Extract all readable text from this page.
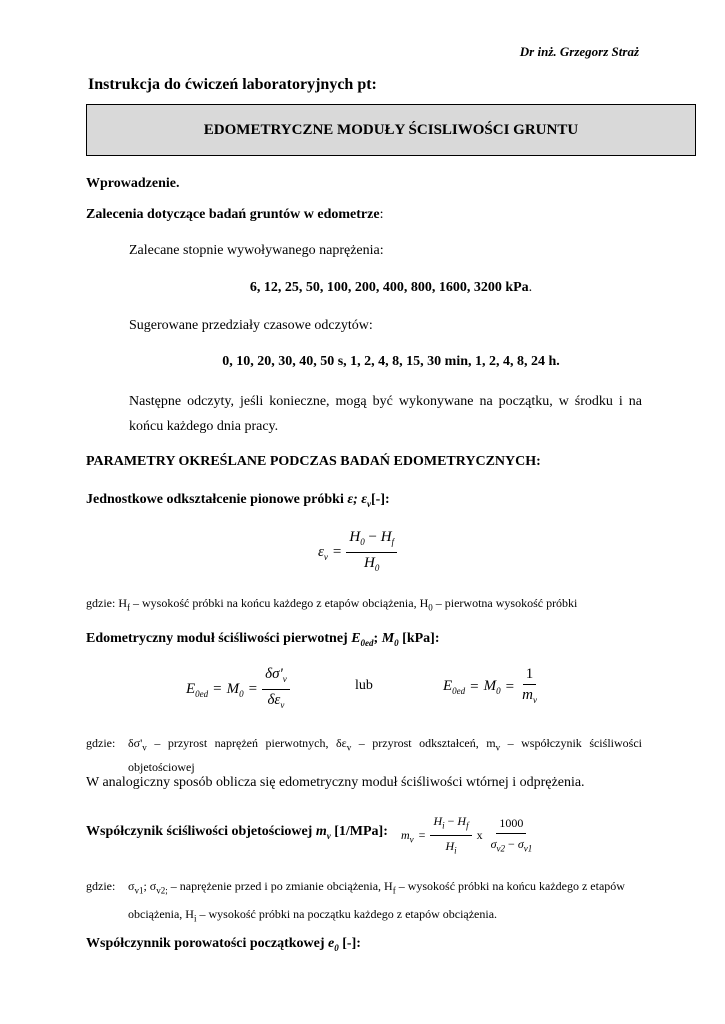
Dr inż. Grzegorz Straż
Instrukcja do ćwiczeń laboratoryjnych pt:
EDOMETRYCZNE MODUŁY ŚCISLIWOŚCI GRUNTU
Wprowadzenie.
Zalecenia dotyczące badań gruntów w edometrze:
Zalecane stopnie wywoływanego naprężenia:
6, 12, 25, 50, 100, 200, 400, 800, 1600, 3200 kPa.
Sugerowane przedziały czasowe odczytów:
0, 10, 20, 30, 40, 50 s, 1, 2, 4, 8, 15, 30 min, 1, 2, 4, 8, 24 h.
Następne odczyty, jeśli konieczne, mogą być wykonywane na początku, w środku i na końcu każdego dnia pracy.
PARAMETRY OKREŚLANE PODCZAS BADAŃ EDOMETRYCZNYCH:
Jednostkowe odkształcenie pionowe próbki ε; $\varepsilon_v[-]$:
$\varepsilon_v = \frac{H_0 - H_f}{H_0}$
gdzie: $H_f$ – wysokość próbki na końcu każdego z etapów obciążenia, $H_0$ – pierwotna wysokość próbki
Edometryczny moduł ściśliwości pierwotnej $E_{0ed}$; $M_0$ [kPa]:
$E_{0ed} = M_0 = \frac{\delta\sigma'_v}{\delta\varepsilon_v}$	lub	$E_{0ed} = M_0 = \frac{1}{m_v}$
gdzie:	$\delta\sigma'_v$ – przyrost naprężeń pierwotnych, $\delta\varepsilon_v$ – przyrost odkształceń, $m_v$ – współczynik ściśliwości objetościowej
W analogiczny sposób oblicza się edometryczny moduł ściśliwości wtórnej i odprężenia.
Współczynik ściśliwości objetościowej $m_v$ [1/MPa]: $m_v = \frac{H_i - H_f}{H_i}$ x $\frac{1000}{\sigma_{v2} - \sigma_{v1}}$
gdzie:	$\sigma_{v1}$; $\sigma_{v2;}$ – naprężenie przed i po zmianie obciążenia, $H_f$ – wysokość próbki na końcu każdego z etapów obciążenia, $H_i$ – wysokość próbki na początku każdego z etapów obciążenia.
Współczynnik porowatości początkowej $e_0$ [-]:
